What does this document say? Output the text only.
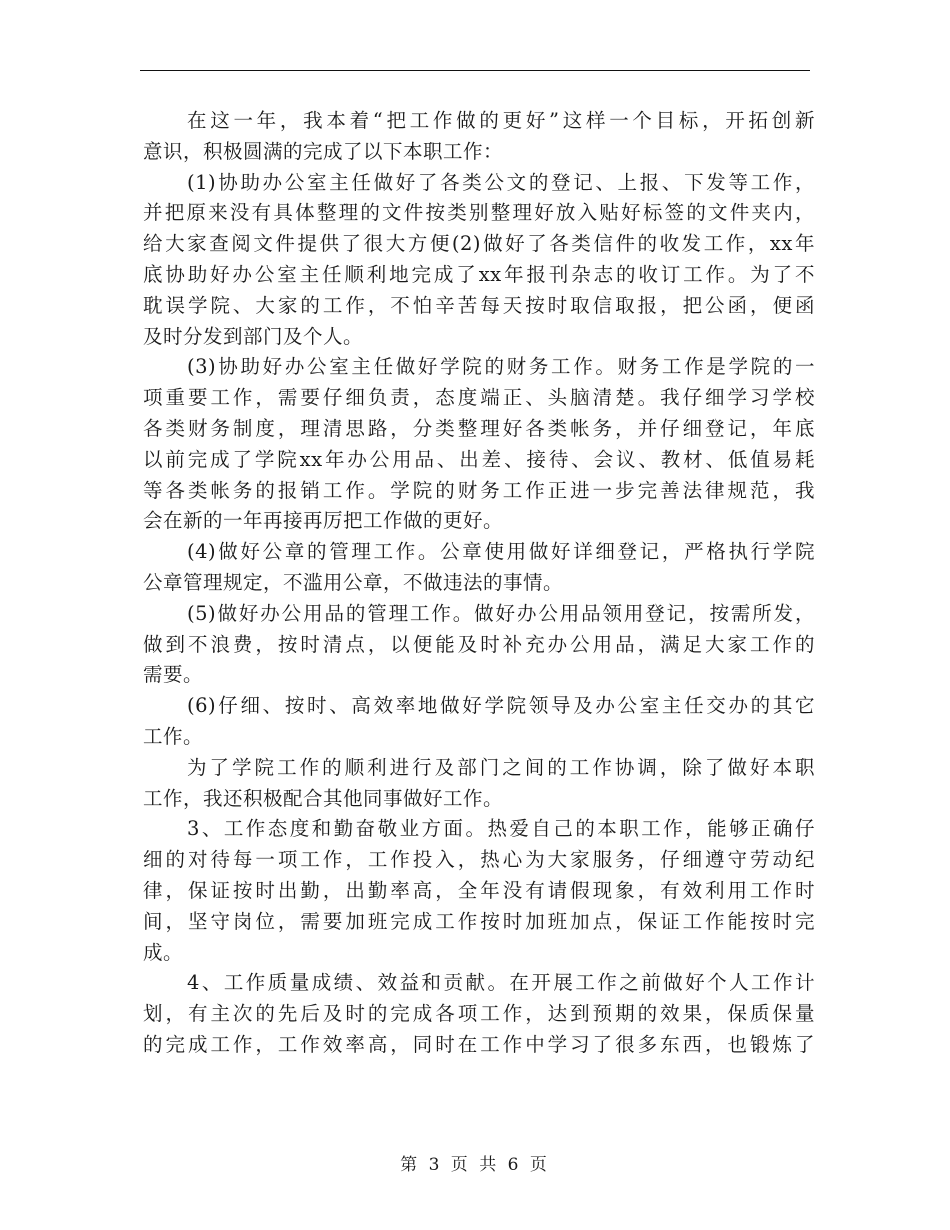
在这一年，我本着“把工作做的更好”这样一个目标，开拓创新
意识，积极圆满的完成了以下本职工作：
(1)协助办公室主任做好了各类公文的登记、上报、下发等工作，
并把原来没有具体整理的文件按类别整理好放入贴好标签的文件夹内，
给大家查阅文件提供了很大方便(2)做好了各类信件的收发工作，xx年
底协助好办公室主任顺利地完成了xx年报刊杂志的收订工作。为了不
耽误学院、大家的工作，不怕辛苦每天按时取信取报，把公函，便函
及时分发到部门及个人。
(3)协助好办公室主任做好学院的财务工作。财务工作是学院的一
项重要工作，需要仔细负责，态度端正、头脑清楚。我仔细学习学校
各类财务制度，理清思路，分类整理好各类帐务，并仔细登记，年底
以前完成了学院xx年办公用品、出差、接待、会议、教材、低值易耗
等各类帐务的报销工作。学院的财务工作正进一步完善法律规范，我
会在新的一年再接再厉把工作做的更好。
(4)做好公章的管理工作。公章使用做好详细登记，严格执行学院
公章管理规定，不滥用公章，不做违法的事情。
(5)做好办公用品的管理工作。做好办公用品领用登记，按需所发，
做到不浪费，按时清点，以便能及时补充办公用品，满足大家工作的
需要。
(6)仔细、按时、高效率地做好学院领导及办公室主任交办的其它
工作。
为了学院工作的顺利进行及部门之间的工作协调，除了做好本职
工作，我还积极配合其他同事做好工作。
3、工作态度和勤奋敬业方面。热爱自己的本职工作，能够正确仔
细的对待每一项工作，工作投入，热心为大家服务，仔细遵守劳动纪
律，保证按时出勤，出勤率高，全年没有请假现象，有效利用工作时
间，坚守岗位，需要加班完成工作按时加班加点，保证工作能按时完
成。
4、工作质量成绩、效益和贡献。在开展工作之前做好个人工作计
划，有主次的先后及时的完成各项工作，达到预期的效果，保质保量
的完成工作，工作效率高，同时在工作中学习了很多东西，也锻炼了
第 3 页 共 6 页
